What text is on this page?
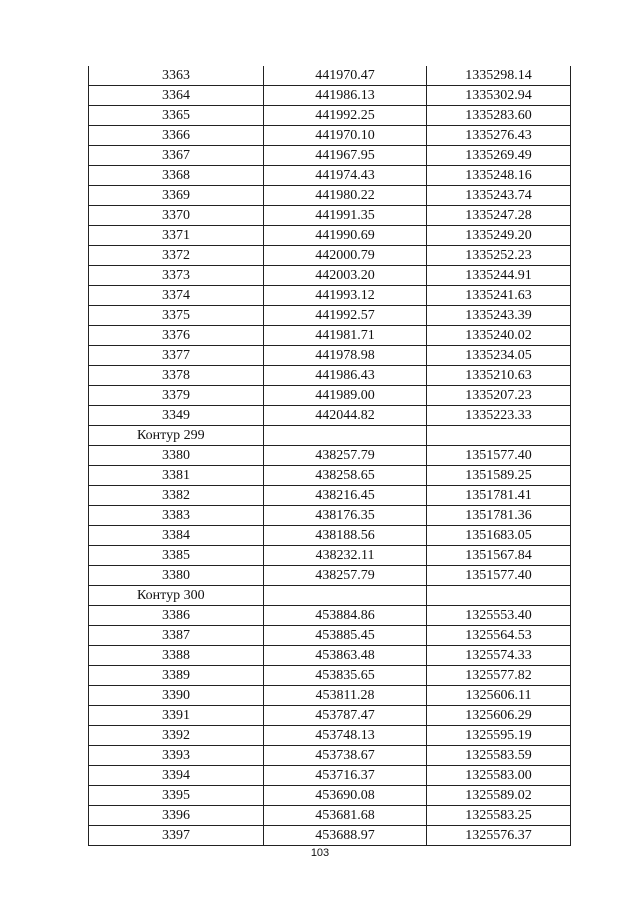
3363	441970.47	1335298.14
3364	441986.13	1335302.94
3365	441992.25	1335283.60
3366	441970.10	1335276.43
3367	441967.95	1335269.49
3368	441974.43	1335248.16
3369	441980.22	1335243.74
3370	441991.35	1335247.28
3371	441990.69	1335249.20
3372	442000.79	1335252.23
3373	442003.20	1335244.91
3374	441993.12	1335241.63
3375	441992.57	1335243.39
3376	441981.71	1335240.02
3377	441978.98	1335234.05
3378	441986.43	1335210.63
3379	441989.00	1335207.23
3349	442044.82	1335223.33
Контур 299		
3380	438257.79	1351577.40
3381	438258.65	1351589.25
3382	438216.45	1351781.41
3383	438176.35	1351781.36
3384	438188.56	1351683.05
3385	438232.11	1351567.84
3380	438257.79	1351577.40
Контур 300		
3386	453884.86	1325553.40
3387	453885.45	1325564.53
3388	453863.48	1325574.33
3389	453835.65	1325577.82
3390	453811.28	1325606.11
3391	453787.47	1325606.29
3392	453748.13	1325595.19
3393	453738.67	1325583.59
3394	453716.37	1325583.00
3395	453690.08	1325589.02
3396	453681.68	1325583.25
3397	453688.97	1325576.37
103
